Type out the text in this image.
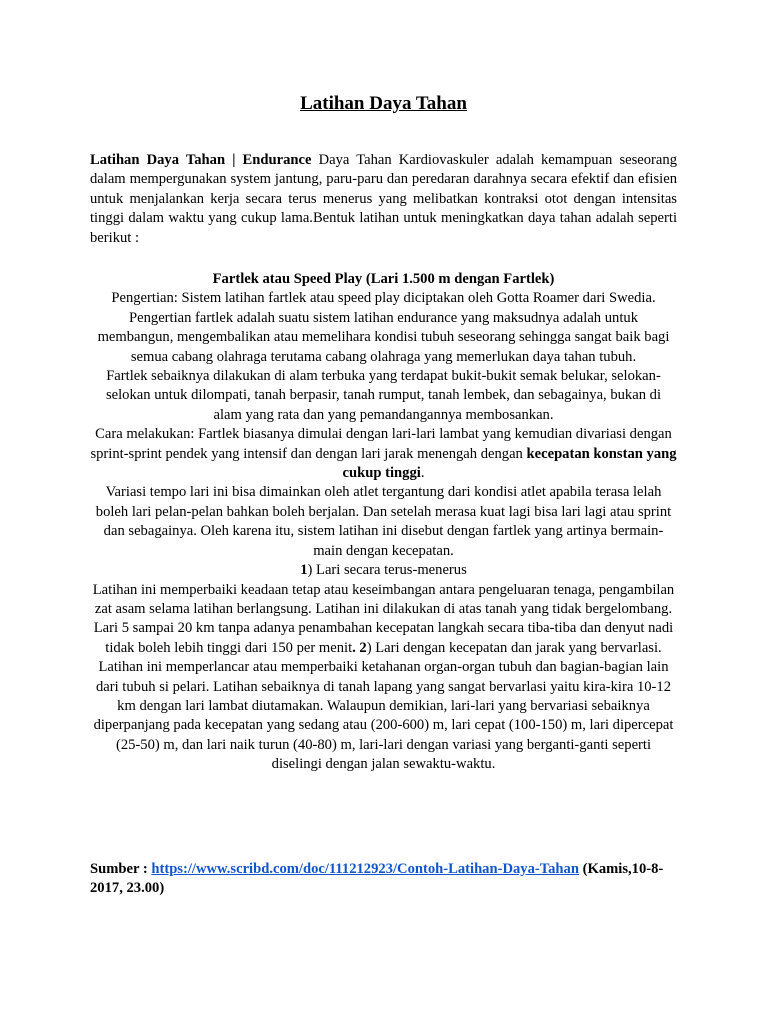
Latihan Daya Tahan
Latihan Daya Tahan | Endurance Daya Tahan Kardiovaskuler adalah kemampuan seseorang dalam mempergunakan system jantung, paru-paru dan peredaran darahnya secara efektif dan efisien untuk menjalankan kerja secara terus menerus yang melibatkan kontraksi otot dengan intensitas tinggi dalam waktu yang cukup lama.Bentuk latihan untuk meningkatkan daya tahan adalah seperti berikut :

Fartlek atau Speed Play (Lari 1.500 m dengan Fartlek)

Pengertian: Sistem latihan fartlek atau speed play diciptakan oleh Gotta Roamer dari Swedia.

Pengertian fartlek adalah suatu sistem latihan endurance yang maksudnya adalah untuk membangun, mengembalikan atau memelihara kondisi tubuh seseorang sehingga sangat baik bagi semua cabang olahraga terutama cabang olahraga yang memerlukan daya tahan tubuh.

Fartlek sebaiknya dilakukan di alam terbuka yang terdapat bukit-bukit semak belukar, selokan-selokan untuk dilompati, tanah berpasir, tanah rumput, tanah lembek, dan sebagainya, bukan di alam yang rata dan yang pemandangannya membosankan.

Cara melakukan: Fartlek biasanya dimulai dengan lari-lari lambat yang kemudian divariasi dengan sprint-sprint pendek yang intensif dan dengan lari jarak menengah dengan kecepatan konstan yang cukup tinggi.

Variasi tempo lari ini bisa dimainkan oleh atlet tergantung dari kondisi atlet apabila terasa lelah boleh lari pelan-pelan bahkan boleh berjalan. Dan setelah merasa kuat lagi bisa lari lagi atau sprint dan sebagainya. Oleh karena itu, sistem latihan ini disebut dengan fartlek yang artinya bermain-main dengan kecepatan.

1) Lari secara terus-menerus

Latihan ini memperbaiki keadaan tetap atau keseimbangan antara pengeluaran tenaga, pengambilan zat asam selama latihan berlangsung. Latihan ini dilakukan di atas tanah yang tidak bergelombang. Lari 5 sampai 20 km tanpa adanya penambahan kecepatan langkah secara tiba-tiba dan denyut nadi tidak boleh lebih tinggi dari 150 per menit. 2) Lari dengan kecepatan dan jarak yang bervarlasi. Latihan ini memperlancar atau memperbaiki ketahanan organ-organ tubuh dan bagian-bagian lain dari tubuh si pelari. Latihan sebaiknya di tanah lapang yang sangat bervarlasi yaitu kira-kira 10-12 km dengan lari lambat diutamakan. Walaupun demikian, lari-lari yang bervariasi sebaiknya diperpanjang pada kecepatan yang sedang atau (200-600) m, lari cepat (100-150) m, lari dipercepat (25-50) m, dan lari naik turun (40-80) m, lari-lari dengan variasi yang berganti-ganti seperti diselingi dengan jalan sewaktu-waktu.

Sumber : https://www.scribd.com/doc/111212923/Contoh-Latihan-Daya-Tahan (Kamis,10-8-2017, 23.00)
